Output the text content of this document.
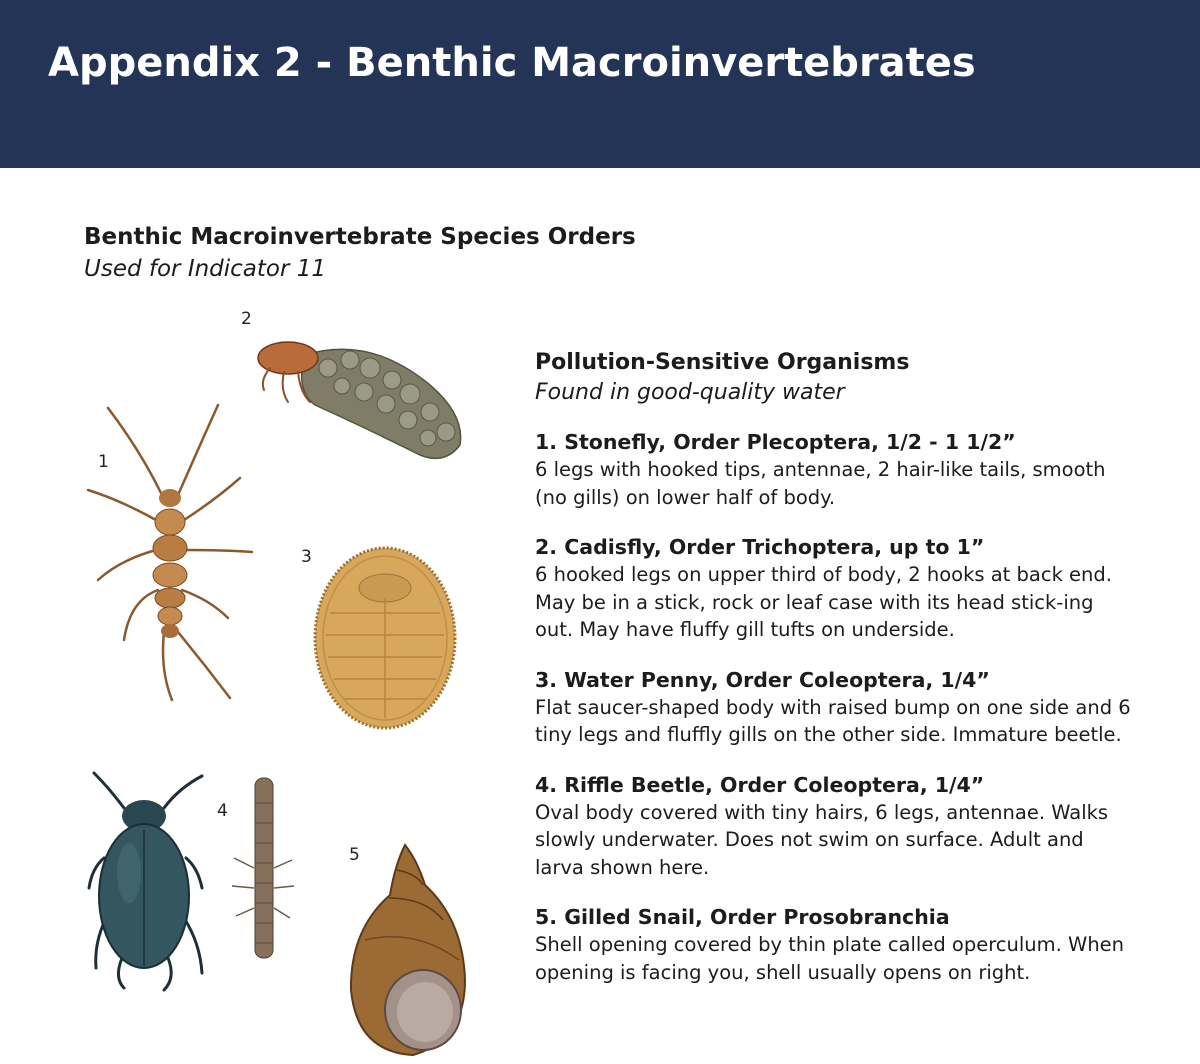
Appendix 2 - Benthic Macroinvertebrates

Benthic Macroinvertebrate Species Orders

Used for Indicator 11

1
2
3
4
5

Pollution-Sensitive Organisms

Found in good-quality water

1. Stonefly, Order Plecoptera, 1/2 - 1 1/2”

6 legs with hooked tips, antennae, 2 hair-like tails, smooth (no gills) on lower half of body.

2. Cadisfly, Order Trichoptera, up to 1”

6 hooked legs on upper third of body, 2 hooks at back end. May be in a stick, rock or leaf case with its head stick-ing out. May have fluffy gill tufts on underside.

3. Water Penny, Order Coleoptera, 1/4”

Flat saucer-shaped body with raised bump on one side and 6 tiny legs and fluffly gills on the other side. Immature beetle.

4. Riffle Beetle, Order Coleoptera, 1/4”

Oval body covered with tiny hairs, 6 legs, antennae. Walks slowly underwater. Does not swim on surface. Adult and larva shown here.

5. Gilled Snail, Order Prosobranchia

Shell opening covered by thin plate called operculum. When opening is facing you, shell usually opens on right.
